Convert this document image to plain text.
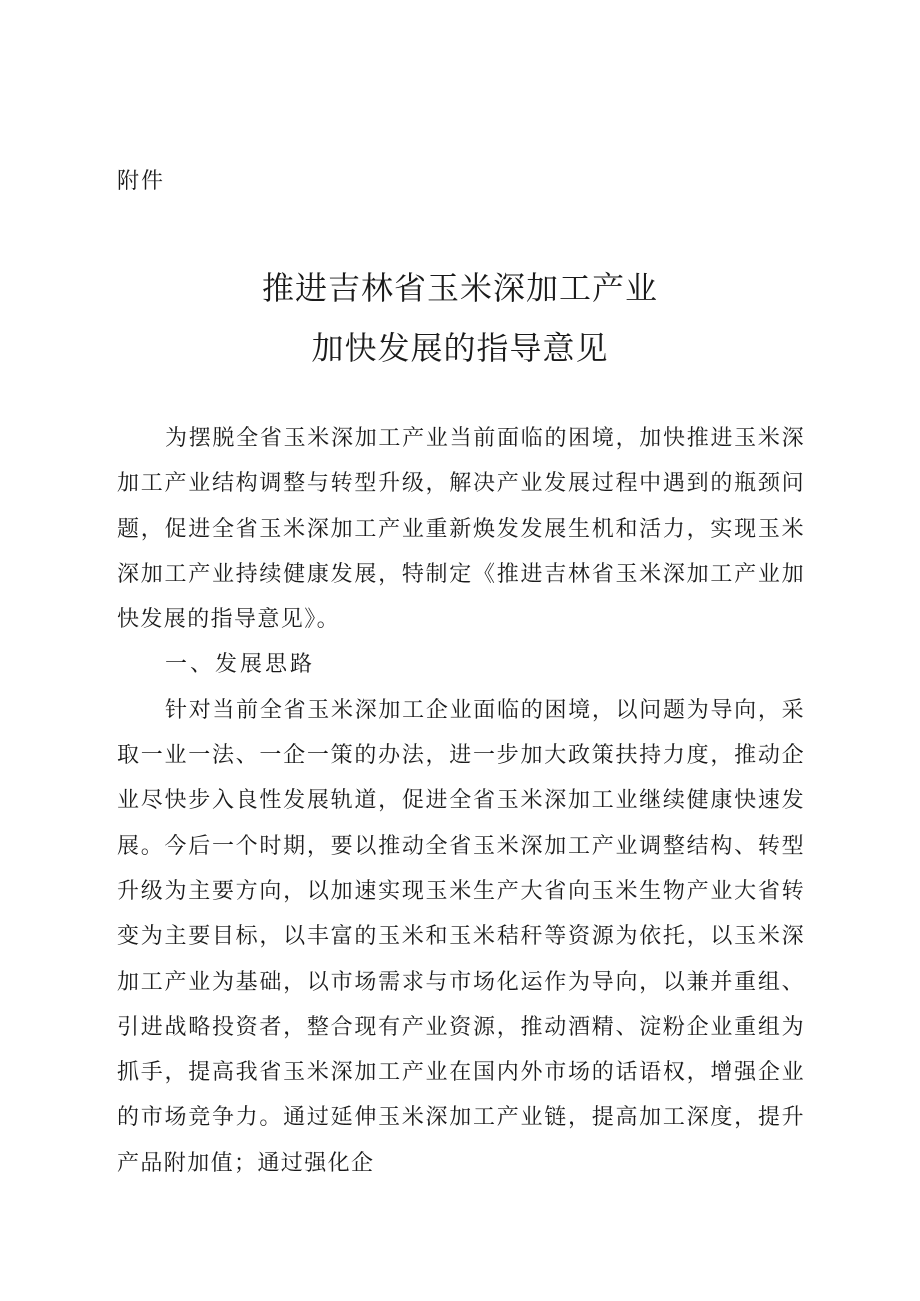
附件
推进吉林省玉米深加工产业
加快发展的指导意见

为摆脱全省玉米深加工产业当前面临的困境，加快推进玉米深加工产业结构调整与转型升级，解决产业发展过程中遇到的瓶颈问题，促进全省玉米深加工产业重新焕发发展生机和活力，实现玉米深加工产业持续健康发展，特制定《推进吉林省玉米深加工产业加快发展的指导意见》。

一、发展思路

针对当前全省玉米深加工企业面临的困境，以问题为导向，采取一业一法、一企一策的办法，进一步加大政策扶持力度，推动企业尽快步入良性发展轨道，促进全省玉米深加工业继续健康快速发展。今后一个时期，要以推动全省玉米深加工产业调整结构、转型升级为主要方向，以加速实现玉米生产大省向玉米生物产业大省转变为主要目标，以丰富的玉米和玉米秸秆等资源为依托，以玉米深加工产业为基础，以市场需求与市场化运作为导向，以兼并重组、引进战略投资者，整合现有产业资源，推动酒精、淀粉企业重组为抓手，提高我省玉米深加工产业在国内外市场的话语权，增强企业的市场竞争力。通过延伸玉米深加工产业链，提高加工深度，提升产品附加值；通过强化企
